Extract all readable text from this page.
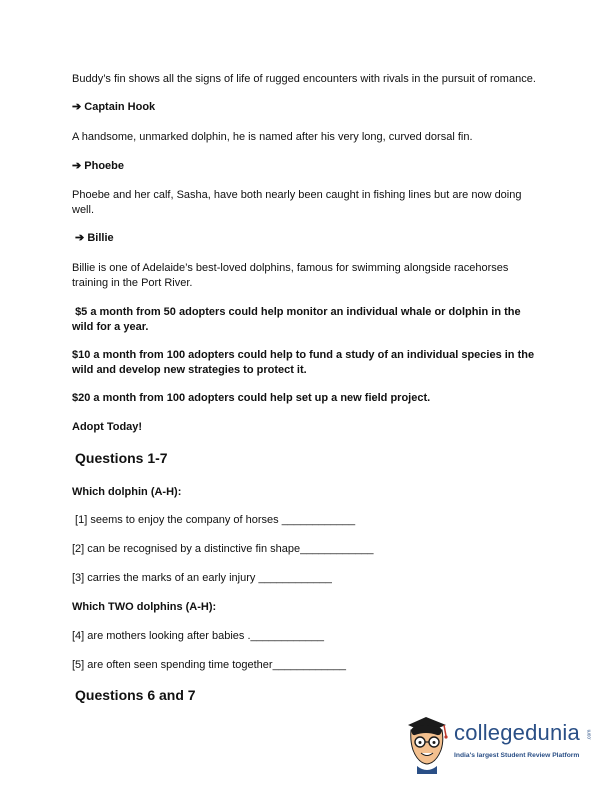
Buddy’s fin shows all the signs of life of rugged encounters with rivals in the pursuit of romance.

➔ Captain Hook

A handsome, unmarked dolphin, he is named after his very long, curved dorsal fin.

➔ Phoebe

Phoebe and her calf, Sasha, have both nearly been caught in fishing lines but are now doing well.

➔ Billie

Billie is one of Adelaide’s best-loved dolphins, famous for swimming alongside racehorses training in the Port River.

$5 a month from 50 adopters could help monitor an individual whale or dolphin in the wild for a year.

$10 a month from 100 adopters could help to fund a study of an individual species in the wild and develop new strategies to protect it.

$20 a month from 100 adopters could help set up a new field project.

Adopt Today!

Questions 1-7

Which dolphin (A-H):

[1] seems to enjoy the company of horses ____________

[2] can be recognised by a distinctive fin shape____________

[3] carries the marks of an early injury ____________

Which TWO dolphins (A-H):

[4] are mothers looking after babies .____________

[5] are often seen spending time together____________

Questions 6 and 7

collegedunia .com
India's largest Student Review Platform
